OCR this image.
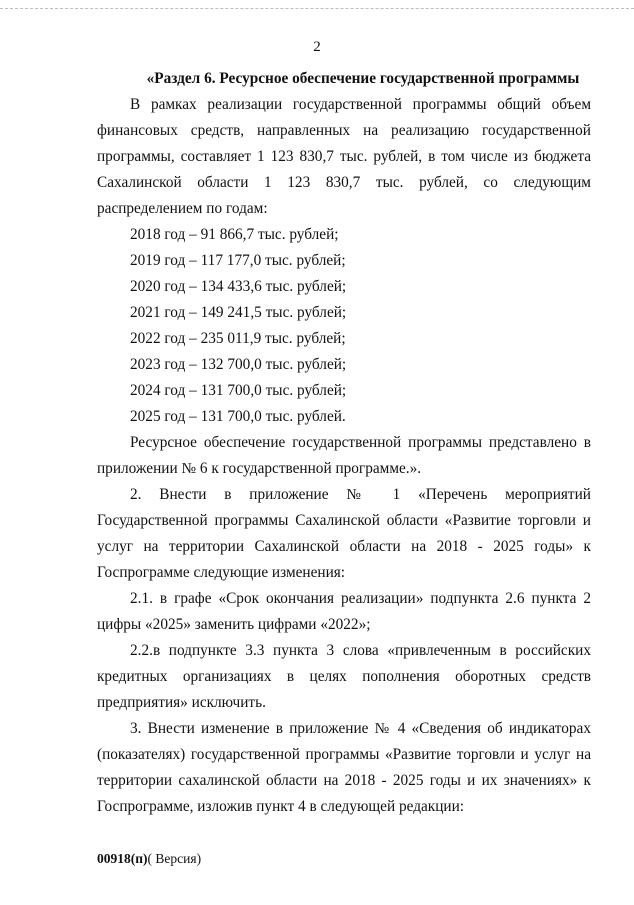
2

«Раздел 6. Ресурсное обеспечение государственной программы

В рамках реализации государственной программы общий объем финансовых средств, направленных на реализацию государственной программы, составляет 1 123 830,7 тыс. рублей, в том числе из бюджета Сахалинской области 1 123 830,7 тыс. рублей, со следующим распределением по годам:

2018 год – 91 866,7 тыс. рублей;
2019 год – 117 177,0 тыс. рублей;
2020 год – 134 433,6 тыс. рублей;
2021 год – 149 241,5 тыс. рублей;
2022 год – 235 011,9 тыс. рублей;
2023 год – 132 700,0 тыс. рублей;
2024 год – 131 700,0 тыс. рублей;
2025 год – 131 700,0 тыс. рублей.

Ресурсное обеспечение государственной программы представлено в приложении № 6 к государственной программе.».

2. Внести в приложение № 1 «Перечень мероприятий Государственной программы Сахалинской области «Развитие торговли и услуг на территории Сахалинской области на 2018 - 2025 годы» к Госпрограмме следующие изменения:

2.1. в графе «Срок окончания реализации» подпункта 2.6 пункта 2 цифры «2025» заменить цифрами «2022»;

2.2.в подпункте 3.3 пункта 3 слова «привлеченным в российских кредитных организациях в целях пополнения оборотных средств предприятия» исключить.

3. Внести изменение в приложение № 4 «Сведения об индикаторах (показателях) государственной программы «Развитие торговли и услуг на территории сахалинской области на 2018 - 2025 годы и их значениях» к Госпрограмме, изложив пункт 4 в следующей редакции:

00918(п)( Версия)
